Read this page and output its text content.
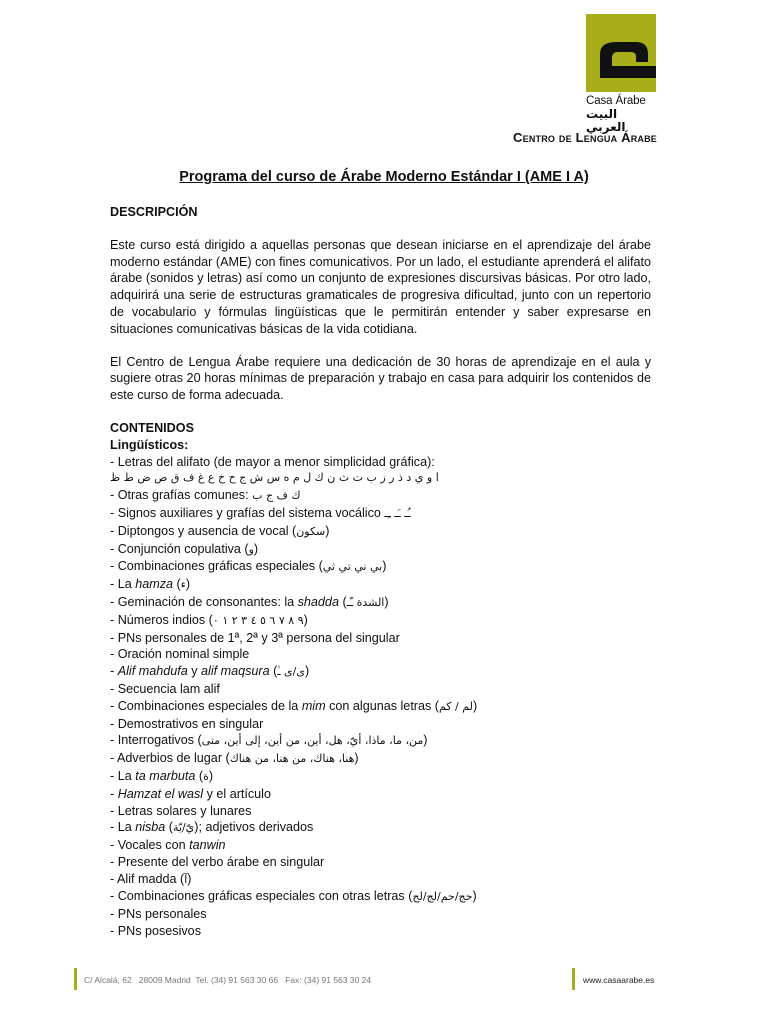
Casa Árabe
البيت العربي
Centro de Lengua Árabe
Programa del curso de Árabe Moderno Estándar I (AME I A)
DESCRIPCIÓN

Este curso está dirigido a aquellas personas que desean iniciarse en el aprendizaje del árabe moderno estándar (AME) con fines comunicativos. Por un lado, el estudiante aprenderá el alifato árabe (sonidos y letras) así como un conjunto de expresiones discursivas básicas. Por otro lado, adquirirá una serie de estructuras gramaticales de progresiva dificultad, junto con un repertorio de vocabulario y fórmulas lingüísticas que le permitirán entender y saber expresarse en situaciones comunicativas básicas de la vida cotidiana.

El Centro de Lengua Árabe requiere una dedicación de 30 horas de aprendizaje en el aula y sugiere otras 20 horas mínimas de preparación y trabajo en casa para adquirir los contenidos de este curso de forma adecuada.

CONTENIDOS
Lingüísticos:
- Letras del alifato (de mayor a menor simplicidad gráfica):
ا و ي د ذ ر ز ب ت ث ن ك ل م ه س ش ج ح خ ع غ ف ق ص ض ط ظ
- Otras grafías comunes: ك ف ج ب
- Signos auxiliares y grafías del sistema vocálico ـُـ ـَـ ـِـ
- Diptongos y ausencia de vocal (سكون)
- Conjunción copulativa (و)
- Combinaciones gráficas especiales (بي ني تي ثي)
- La hamza (ء)
- Geminación de consonantes: la shadda (الشدة ـّـ)
- Números indios (٩ ٨ ٧ ٦ ٥ ٤ ٣ ٢ ١ ٠)
- PNs personales de 1ª, 2ª y 3ª persona del singular
- Oración nominal simple
- Alif mahdufa y alif maqsura (ى/ى ـٰ)
- Secuencia lam alif
- Combinaciones especiales de la mim con algunas letras (لم / كم)
- Demostrativos en singular
- Interrogativos (من، ما، ماذا، أيّ، هل، أين، من أين، إلى أين، متى)
- Adverbios de lugar (هنا، هناك، من هنا، من هناك)
- La ta marbuta (ة)
- Hamzat el wasl y el artículo
- Letras solares y lunares
- La nisba (يّ/يّة); adjetivos derivados
- Vocales con tanwin
- Presente del verbo árabe en singular
- Alif madda (آ)
- Combinaciones gráficas especiales con otras letras (حج/حم/لج/لح)
- PNs personales
- PNs posesivos
C/ Alcalá, 62   28009 Madrid  Tel. (34) 91 563 30 66   Fax: (34) 91 563 30 24	www.casaarabe.es
